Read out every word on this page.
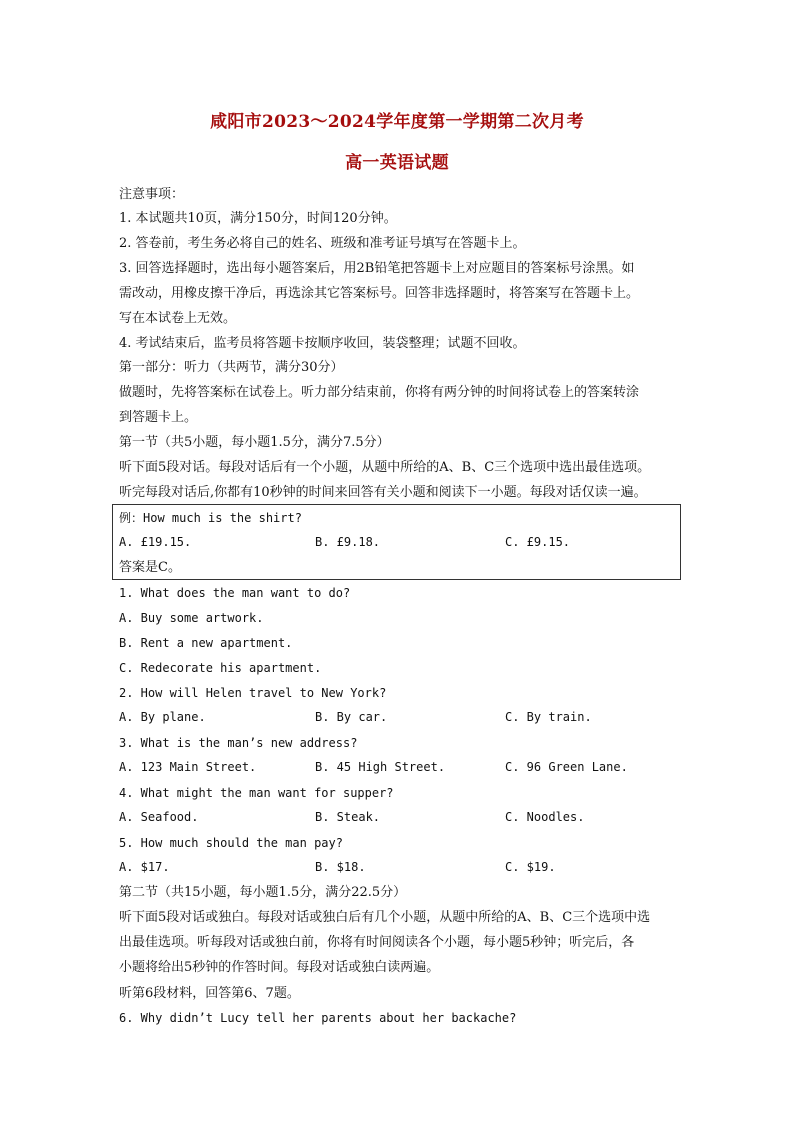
咸阳市2023～2024学年度第一学期第二次月考
高一英语试题
注意事项：
1. 本试题共10页，满分150分，时间120分钟。
2. 答卷前，考生务必将自己的姓名、班级和准考证号填写在答题卡上。
3. 回答选择题时，选出每小题答案后，用2B铅笔把答题卡上对应题目的答案标号涂黑。如
需改动，用橡皮擦干净后，再选涂其它答案标号。回答非选择题时，将答案写在答题卡上。
写在本试卷上无效。
4. 考试结束后，监考员将答题卡按顺序收回，装袋整理；试题不回收。
第一部分：听力（共两节，满分30分）
做题时，先将答案标在试卷上。听力部分结束前，你将有两分钟的时间将试卷上的答案转涂
到答题卡上。
第一节（共5小题，每小题1.5分，满分7.5分）
听下面5段对话。每段对话后有一个小题，从题中所给的A、B、C三个选项中选出最佳选项。
听完每段对话后,你都有10秒钟的时间来回答有关小题和阅读下一小题。每段对话仅读一遍。
例：How much is the shirt?
A. £19.15.	B. £9.18.	C. £9.15.
答案是C。
1. What does the man want to do?
A. Buy some artwork.
B. Rent a new apartment.
C. Redecorate his apartment.
2. How will Helen travel to New York?
A. By plane.	B. By car.	C. By train.
3. What is the man’s new address?
A. 123 Main Street.	B. 45 High Street.	C. 96 Green Lane.
4. What might the man want for supper?
A. Seafood.	B. Steak.	C. Noodles.
5. How much should the man pay?
A. $17.	B. $18.	C. $19.
第二节（共15小题，每小题1.5分，满分22.5分）
听下面5段对话或独白。每段对话或独白后有几个小题，从题中所给的A、B、C三个选项中选
出最佳选项。听每段对话或独白前，你将有时间阅读各个小题，每小题5秒钟；听完后，各
小题将给出5秒钟的作答时间。每段对话或独白读两遍。
听第6段材料，回答第6、7题。
6. Why didn’t Lucy tell her parents about her backache?
